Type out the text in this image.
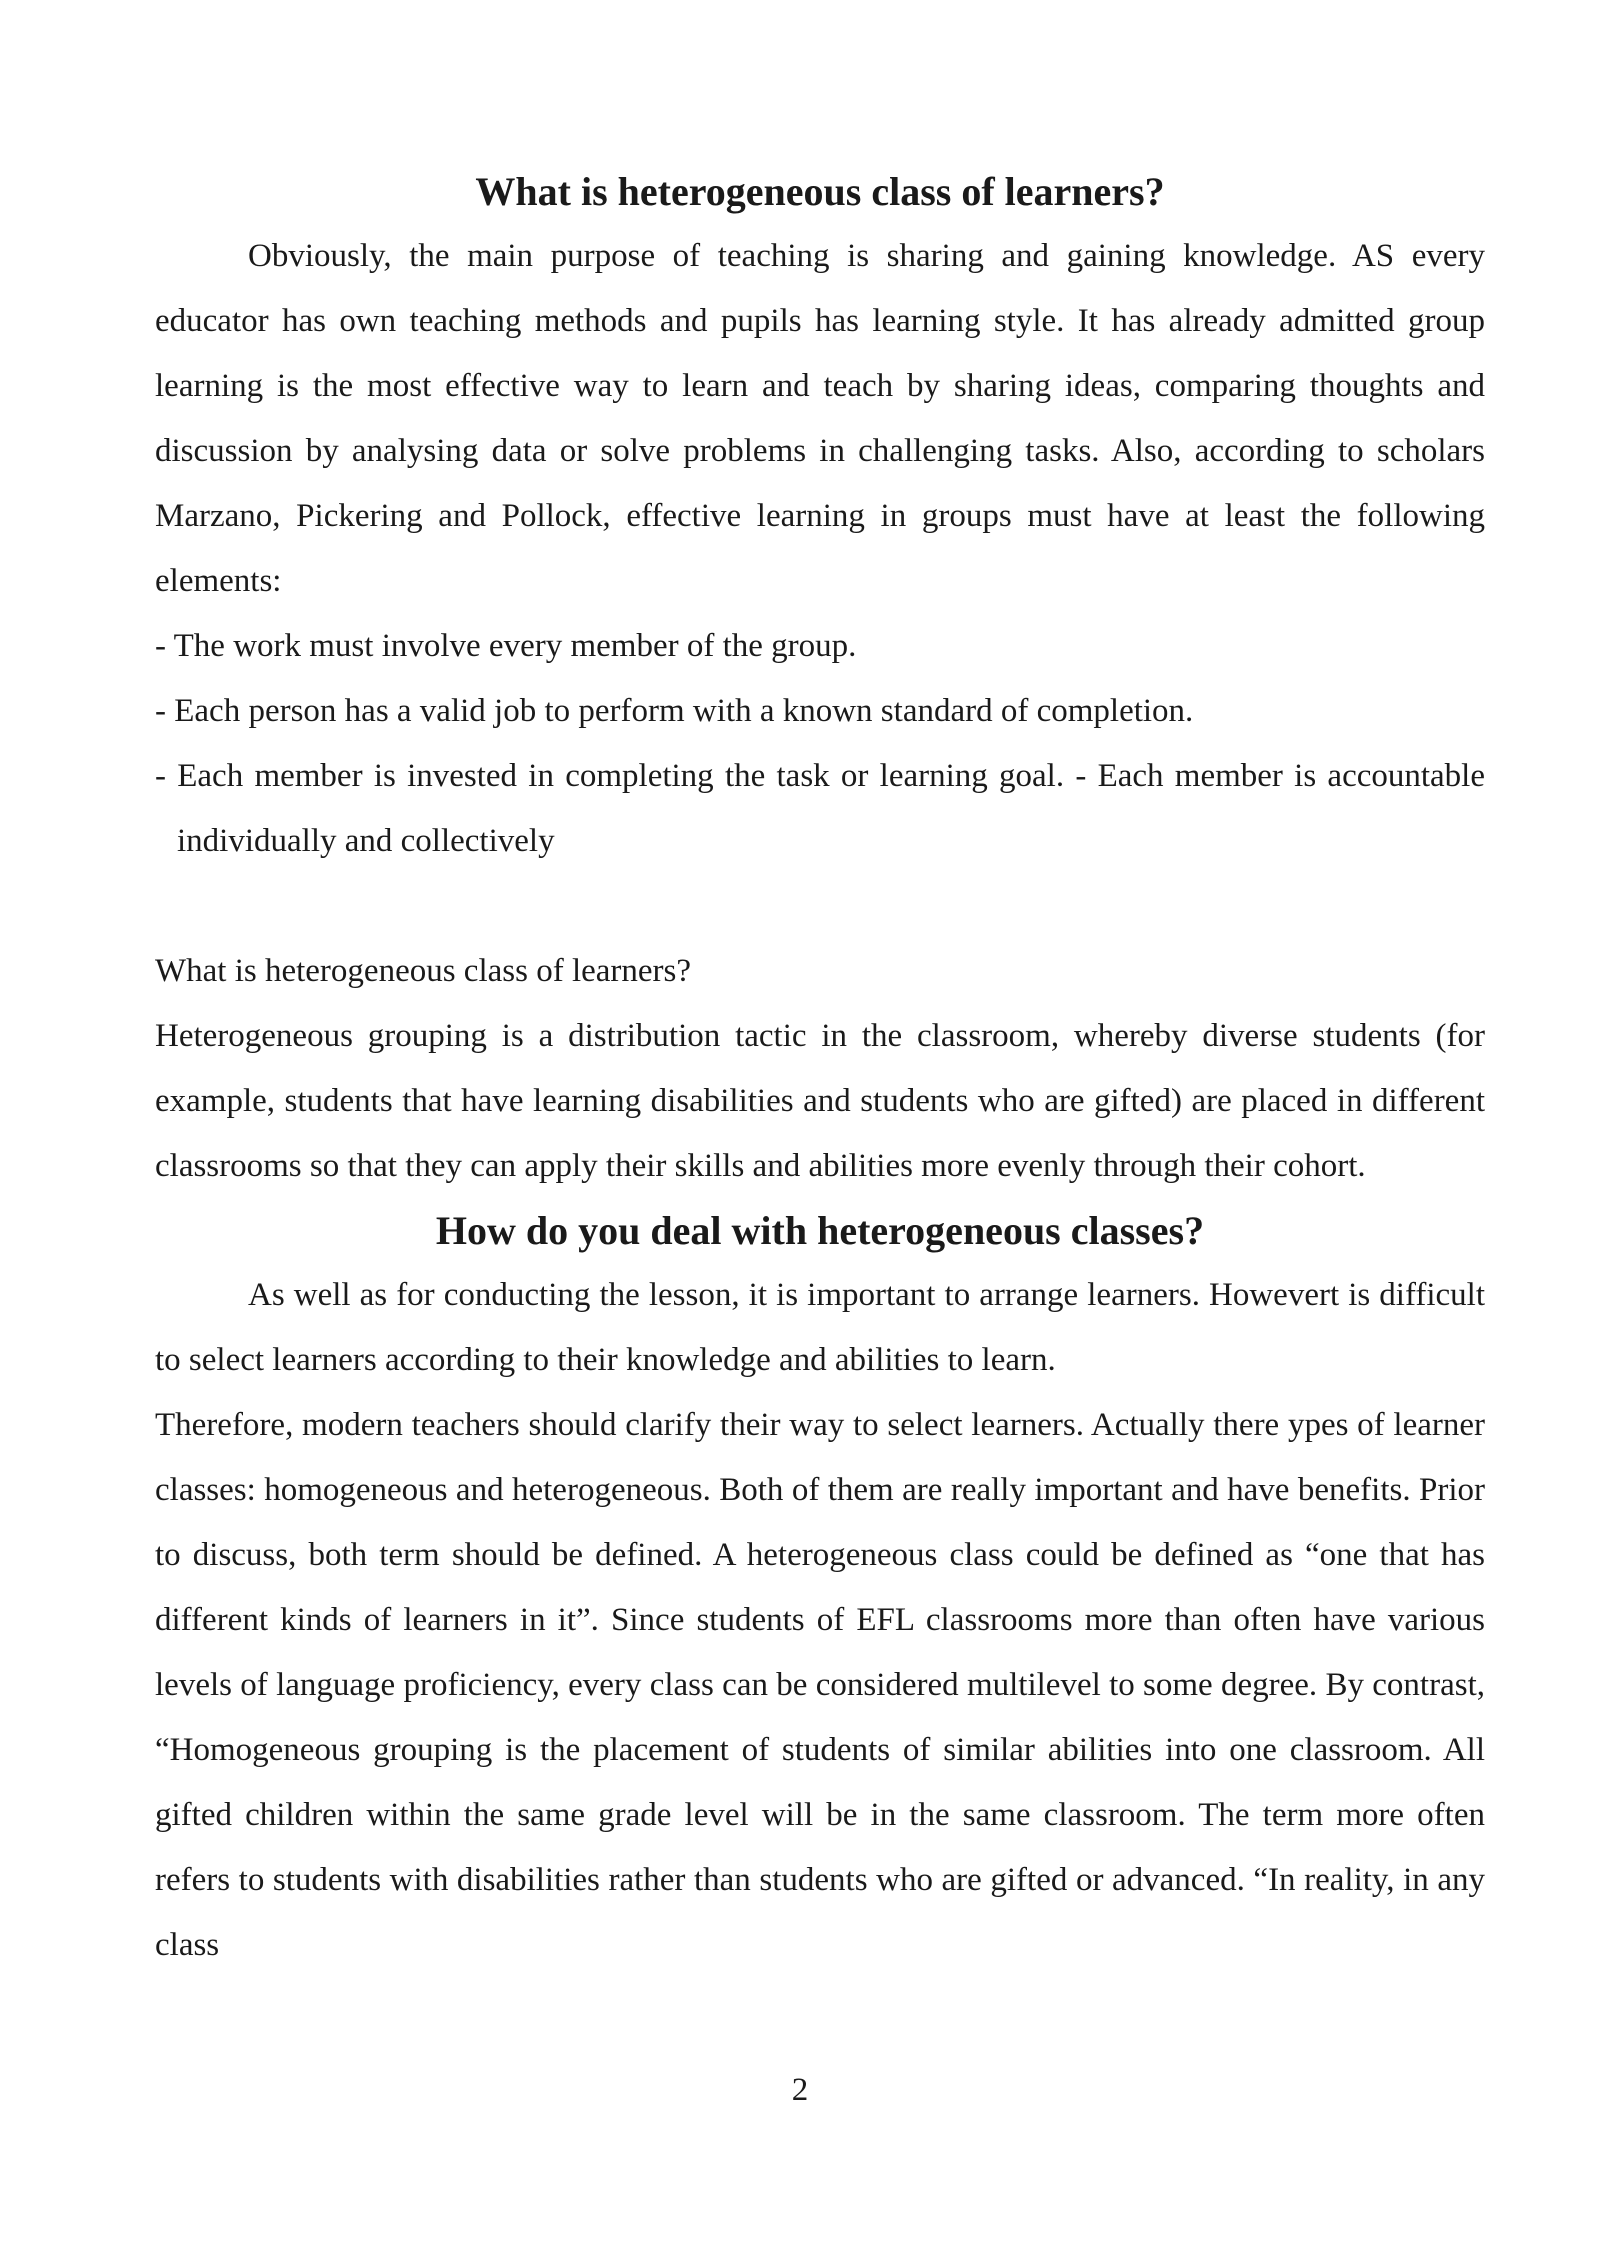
What is heterogeneous class of learners?

Obviously, the main purpose of teaching is sharing and gaining knowledge. AS every educator has own teaching methods and pupils has learning style. It has already admitted group learning is the most effective way to learn and teach by sharing ideas, comparing thoughts and discussion by analysing data or solve problems in challenging tasks. Also, according to scholars Marzano, Pickering and Pollock, effective learning in groups must have at least the following elements:

- The work must involve every member of the group.

- Each person has a valid job to perform with a known standard of completion.

- Each member is invested in completing the task or learning goal. - Each member is accountable individually and collectively

What is heterogeneous class of learners?

Heterogeneous grouping is a distribution tactic in the classroom, whereby diverse students (for example, students that have learning disabilities and students who are gifted) are placed in different classrooms so that they can apply their skills and abilities more evenly through their cohort.

How do you deal with heterogeneous classes?

As well as for conducting the lesson, it is important to arrange learners. Howevert is difficult to select learners according to their knowledge and abilities to learn.

Therefore, modern teachers should clarify their way to select learners. Actually there ypes of learner classes: homogeneous and heterogeneous. Both of them are really important and have benefits. Prior to discuss, both term should be defined. A heterogeneous class could be defined as “one that has different kinds of learners in it”. Since students of EFL classrooms more than often have various levels of language proficiency, every class can be considered multilevel to some degree. By contrast, “Homogeneous grouping is the placement of students of similar abilities into one classroom. All gifted children within the same grade level will be in the same classroom. The term more often refers to students with disabilities rather than students who are gifted or advanced. “In reality, in any class

2
